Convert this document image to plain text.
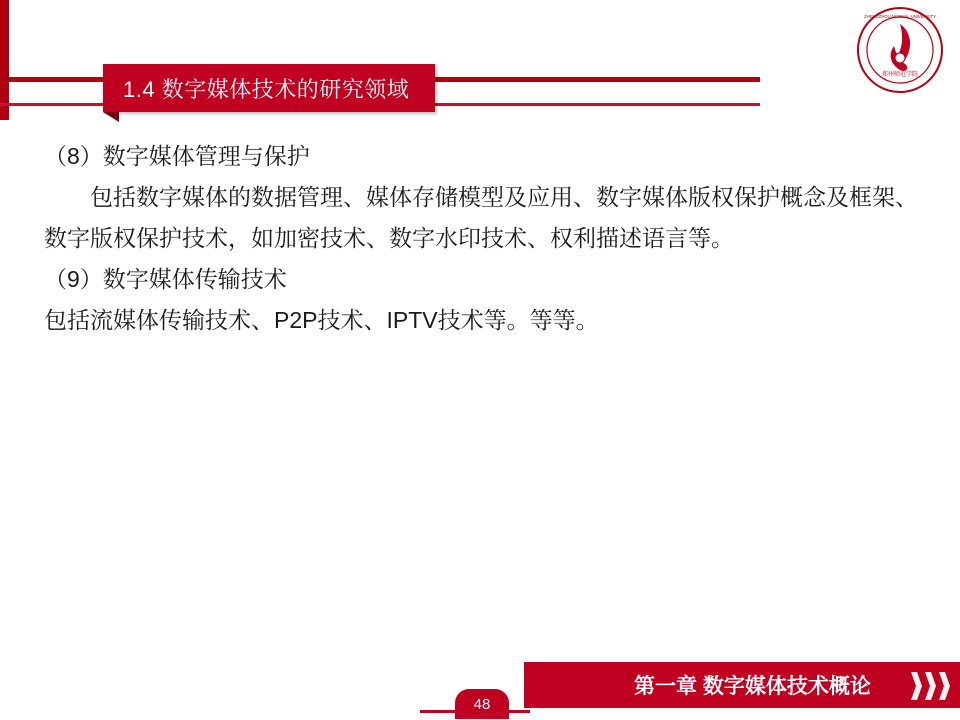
1.4 数字媒体技术的研究领域
郑州师范学院
ZHENGZHOU NORMAL UNIVERSITY

（8）数字媒体管理与保护

包括数字媒体的数据管理、媒体存储模型及应用、数字媒体版权保护概念及框架、数字版权保护技术，如加密技术、数字水印技术、权利描述语言等。

（9）数字媒体传输技术

包括流媒体传输技术、P2P技术、IPTV技术等。等等。

第一章 数字媒体技术概论
48
